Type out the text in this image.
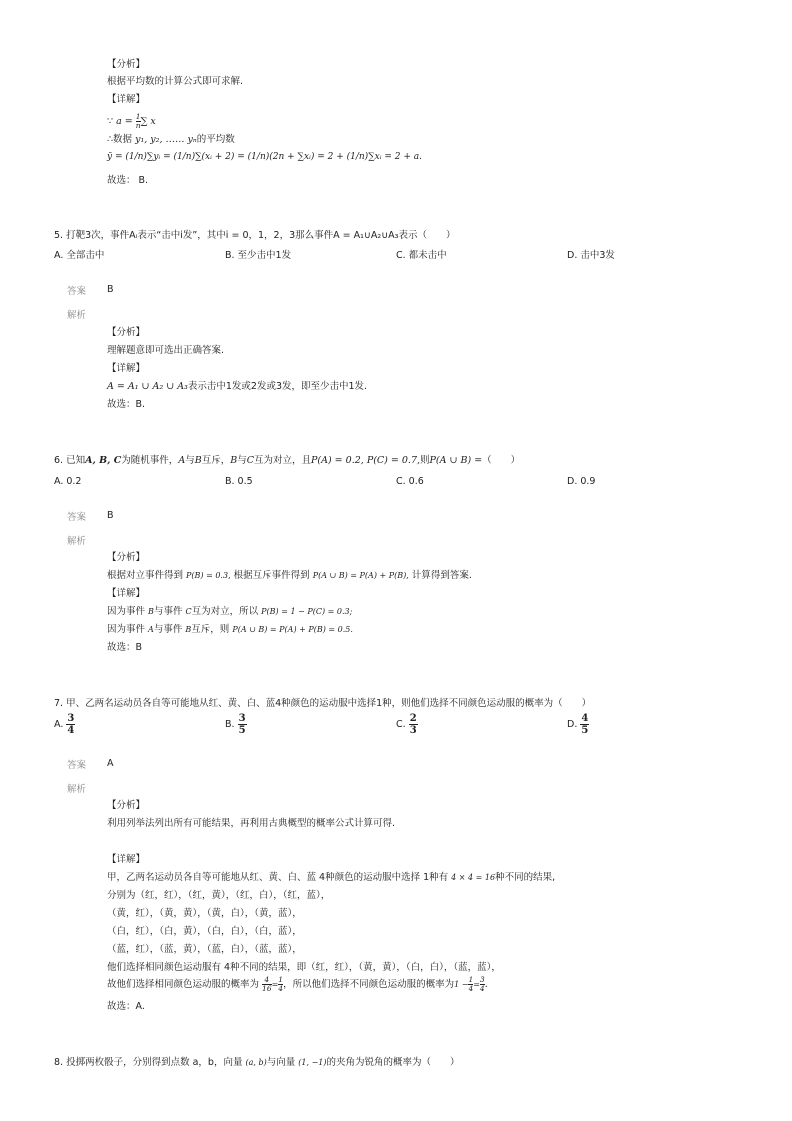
【分析】
根据平均数的计算公式即可求解.
【详解】
∵ $a = \frac{1}{n}$ ∑ x
∴数据 y₁, y₂, …… yₙ的平均数
ȳ = (1/n)∑yᵢ = (1/n)∑(xᵢ + 2) = (1/n)(2n + ∑xᵢ) = 2 + (1/n)∑xᵢ = 2 + a.
故选： B.
5. 打靶3次，事件Aᵢ表示“击中i发”，其中i = 0，1，2，3那么事件A = A₁∪A₂∪A₃表示（　　）
A. 全部击中	B. 至少击中1发	C. 都未击中	D. 击中3发
答案 B
解析
【分析】
理解题意即可选出正确答案.
【详解】
A = A₁ ∪ A₂ ∪ A₃表示击中1发或2发或3发，即至少击中1发.
故选：B.
6. 已知A, B, C为随机事件，A与B互斥，B与C互为对立，且P(A) = 0.2, P(C) = 0.7,则P(A ∪ B) =（　　）
A. 0.2	B. 0.5	C. 0.6	D. 0.9
答案 B
解析
【分析】
根据对立事件得到 P(B) = 0.3, 根据互斥事件得到 P(A ∪ B) = P(A) + P(B), 计算得到答案.
【详解】
因为事件 B与事件 C互为对立，所以 P(B) = 1 − P(C) = 0.3;
因为事件 A与事件 B互斥，则 P(A ∪ B) = P(A) + P(B) = 0.5.
故选：B
7. 甲、乙两名运动员各自等可能地从红、黄、白、蓝4种颜色的运动服中选择1种，则他们选择不同颜色运动服的概率为（　　）
A. $\frac{3}{4}$	B. $\frac{3}{5}$	C. $\frac{2}{3}$	D. $\frac{4}{5}$
答案 A
解析
【分析】
利用列举法列出所有可能结果，再利用古典概型的概率公式计算可得.
【详解】
甲，乙两名运动员各自等可能地从红、黄、白、蓝 4种颜色的运动服中选择 1种有 4 × 4 = 16种不同的结果,
分别为（红，红），（红，黄），（红，白），（红，蓝），
（黄，红），（黄，黄），（黄，白），（黄，蓝），
（白，红），（白，黄），（白，白），（白，蓝），
（蓝，红），（蓝，黄），（蓝，白），（蓝，蓝），
他们选择相同颜色运动服有 4种不同的结果，即（红，红），（黄，黄），（白，白），（蓝，蓝），
故他们选择相同颜色运动服的概率为 $\frac{4}{16} = \frac{1}{4}$ ，所以他们选择不同颜色运动服的概率为$1 - \frac{1}{4} = \frac{3}{4}$ .
故选：A.
8. 投掷两枚骰子，分别得到点数 a，b，向量 (a, b)与向量 (1, −1)的夹角为锐角的概率为（　　）
